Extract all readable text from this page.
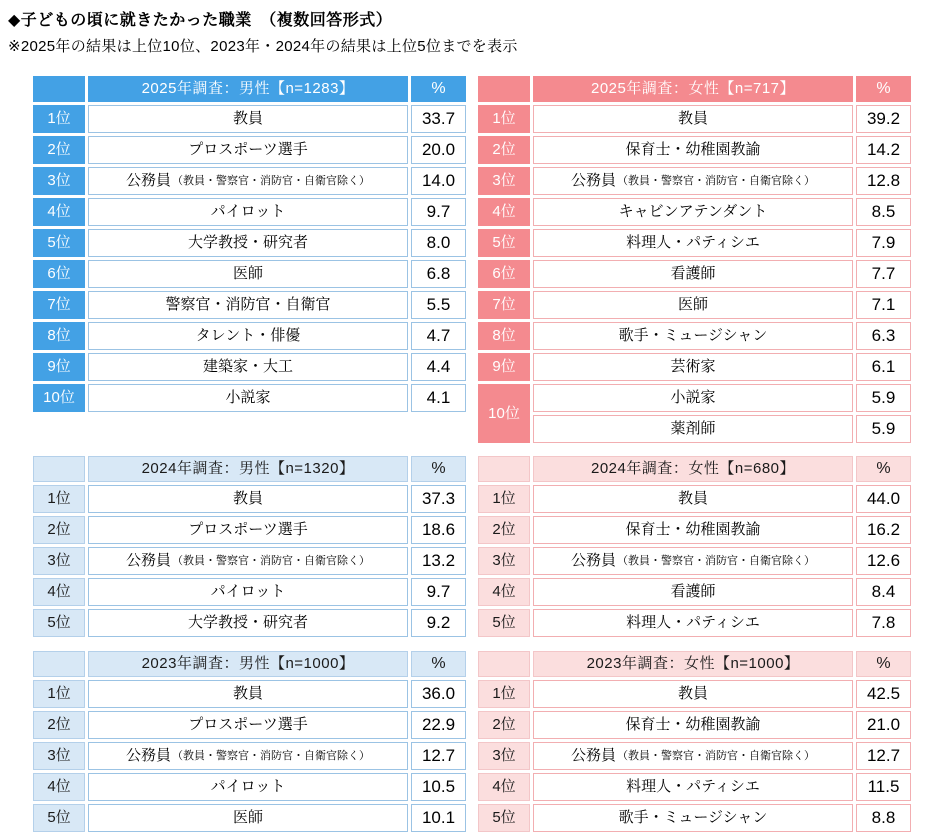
◆子どもの頃に就きたかった職業　（複数回答形式）
※2025年の結果は上位10位、2023年・2024年の結果は上位5位までを表示
2025年調査：男性【n=1283】	%
1位	教員	33.7
2位	プロスポーツ選手	20.0
3位	公務員 （教員・警察官・消防官・自衛官除く）	14.0
4位	パイロット	9.7
5位	大学教授・研究者	8.0
6位	医師	6.8
7位	警察官・消防官・自衛官	5.5
8位	タレント・俳優	4.7
9位	建築家・大工	4.4
10位	小説家	4.1
2025年調査：女性【n=717】	%
1位	教員	39.2
2位	保育士・幼稚園教諭	14.2
3位	公務員 （教員・警察官・消防官・自衛官除く）	12.8
4位	キャビンアテンダント	8.5
5位	料理人・パティシエ	7.9
6位	看護師	7.7
7位	医師	7.1
8位	歌手・ミュージシャン	6.3
9位	芸術家	6.1
10位
小説家	5.9
薬剤師	5.9
2024年調査：男性【n=1320】	%
1位	教員	37.3
2位	プロスポーツ選手	18.6
3位	公務員 （教員・警察官・消防官・自衛官除く）	13.2
4位	パイロット	9.7
5位	大学教授・研究者	9.2
2024年調査：女性【n=680】	%
1位	教員	44.0
2位	保育士・幼稚園教諭	16.2
3位	公務員 （教員・警察官・消防官・自衛官除く）	12.6
4位	看護師	8.4
5位	料理人・パティシエ	7.8
2023年調査：男性【n=1000】	%
1位	教員	36.0
2位	プロスポーツ選手	22.9
3位	公務員 （教員・警察官・消防官・自衛官除く）	12.7
4位	パイロット	10.5
5位	医師	10.1
2023年調査：女性【n=1000】	%
1位	教員	42.5
2位	保育士・幼稚園教諭	21.0
3位	公務員 （教員・警察官・消防官・自衛官除く）	12.7
4位	料理人・パティシエ	11.5
5位	歌手・ミュージシャン	8.8
